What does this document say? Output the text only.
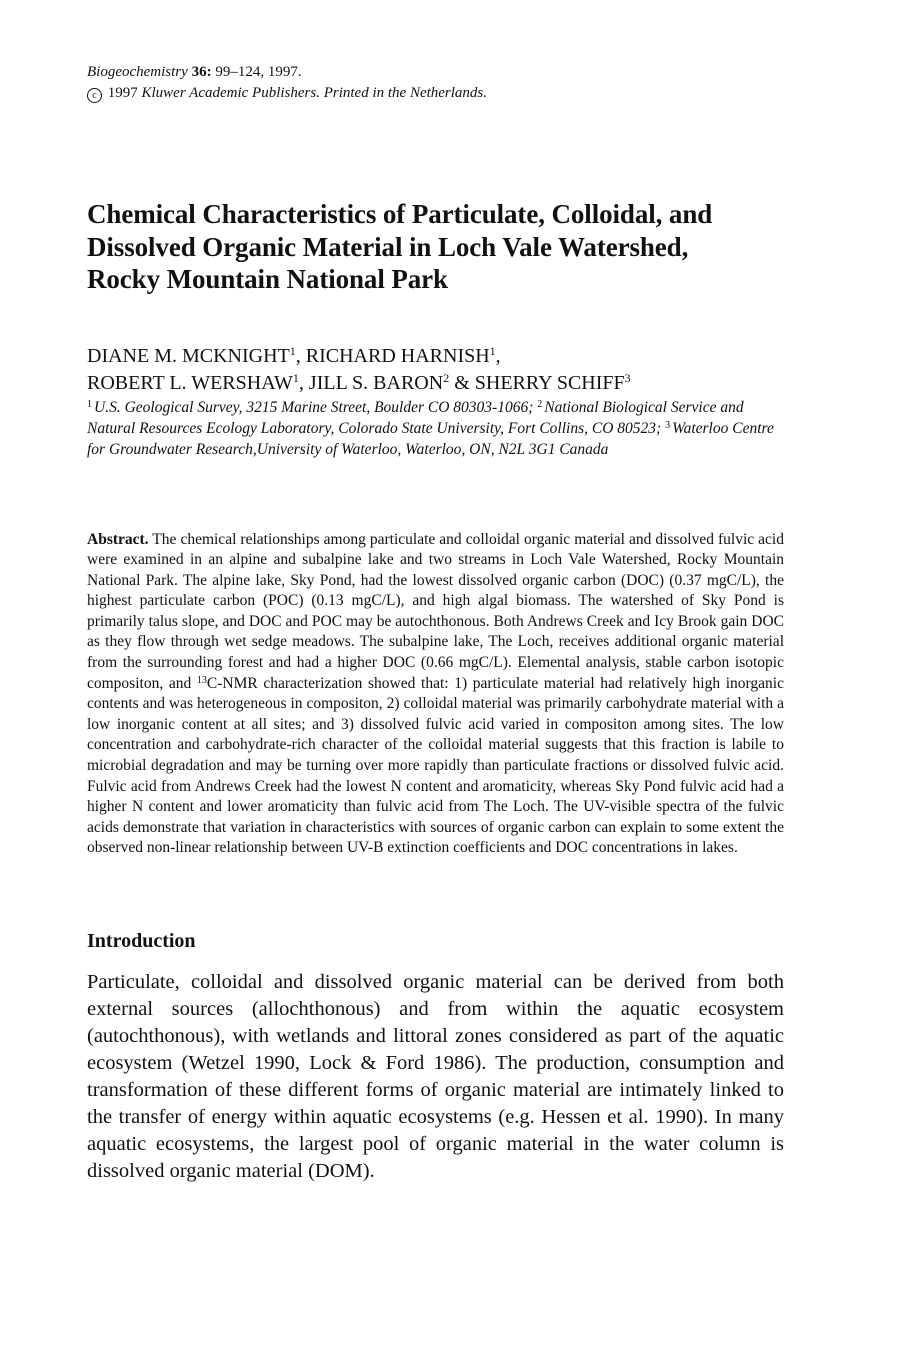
Biogeochemistry 36: 99–124, 1997.

c 1997 Kluwer Academic Publishers. Printed in the Netherlands.

Chemical Characteristics of Particulate, Colloidal, and
Dissolved Organic Material in Loch Vale Watershed,
Rocky Mountain National Park

DIANE M. MCKNIGHT$^1$, RICHARD HARNISH$^1$,
ROBERT L. WERSHAW$^1$, JILL S. BARON$^2$ & SHERRY SCHIFF$^3$

$^1$ U.S. Geological Survey, 3215 Marine Street, Boulder CO 80303-1066; $^2$ National Biological Service and Natural Resources Ecology Laboratory, Colorado State University, Fort Collins, CO 80523; $^3$ Waterloo Centre for Groundwater Research,University of Waterloo, Waterloo, ON, N2L 3G1 Canada

Abstract. The chemical relationships among particulate and colloidal organic material and dissolved fulvic acid were examined in an alpine and subalpine lake and two streams in Loch Vale Watershed, Rocky Mountain National Park. The alpine lake, Sky Pond, had the lowest dissolved organic carbon (DOC) (0.37 mgC/L), the highest particulate carbon (POC) (0.13 mgC/L), and high algal biomass. The watershed of Sky Pond is primarily talus slope, and DOC and POC may be autochthonous. Both Andrews Creek and Icy Brook gain DOC as they flow through wet sedge meadows. The subalpine lake, The Loch, receives additional organic material from the surrounding forest and had a higher DOC (0.66 mgC/L). Elemental analysis, stable carbon isotopic compositon, and $^{13}$C-NMR characterization showed that: 1) particulate material had relatively high inorganic contents and was heterogeneous in compositon, 2) colloidal material was primarily carbohydrate material with a low inorganic content at all sites; and 3) dissolved fulvic acid varied in compositon among sites. The low concentration and carbohydrate-rich character of the colloidal material suggests that this fraction is labile to microbial degradation and may be turning over more rapidly than particulate fractions or dissolved fulvic acid. Fulvic acid from Andrews Creek had the lowest N content and aromaticity, whereas Sky Pond fulvic acid had a higher N content and lower aromaticity than fulvic acid from The Loch. The UV-visible spectra of the fulvic acids demonstrate that variation in characteristics with sources of organic carbon can explain to some extent the observed non-linear relationship between UV-B extinction coefficients and DOC concentrations in lakes.

Introduction

Particulate, colloidal and dissolved organic material can be derived from both external sources (allochthonous) and from within the aquatic ecosystem (autochthonous), with wetlands and littoral zones considered as part of the aquatic ecosystem (Wetzel 1990, Lock & Ford 1986). The production, consumption and transformation of these different forms of organic material are intimately linked to the transfer of energy within aquatic ecosystems (e.g. Hessen et al. 1990). In many aquatic ecosystems, the largest pool of organic material in the water column is dissolved organic material (DOM).
